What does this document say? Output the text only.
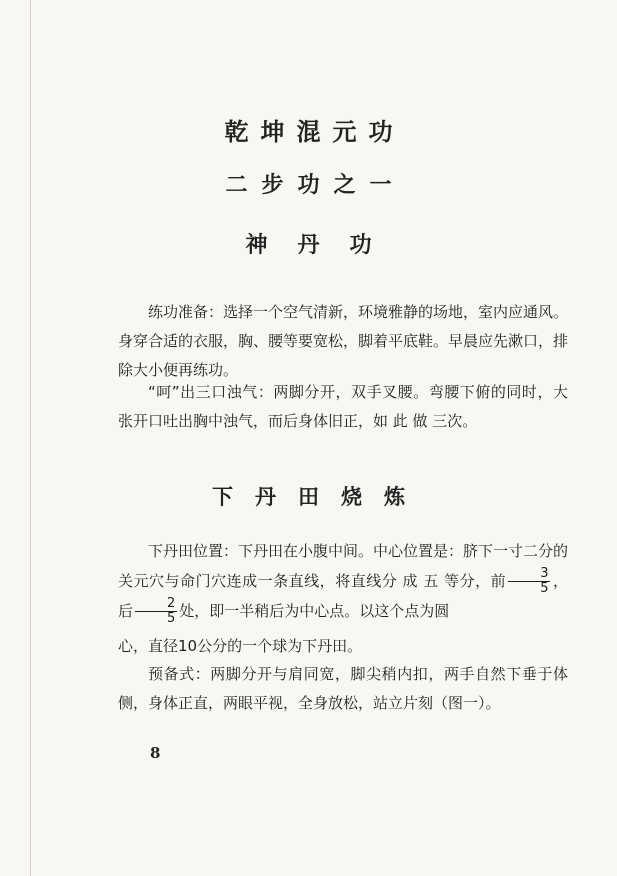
乾坤混元功
二步功之一
神丹功
练功准备：选择一个空气清新，环境雅静的场地，室内应通风。身穿合适的衣服，胸、腰等要宽松，脚着平底鞋。早晨应先漱口，排除大小便再练功。
“呵”出三口浊气：两脚分开，双手叉腰。弯腰下俯的同时，大张开口吐出胸中浊气，而后身体旧正，如 此 做 三次。
下丹田烧炼
下丹田位置：下丹田在小腹中间。中心位置是：脐下一寸二分的关元穴与命门穴连成一条直线，将直线分 成 五 等分，前 $\frac{3}{5}$ ，后 $\frac{2}{5}$ 处，即一半稍后为中心点。以这个点为圆
心，直径10公分的一个球为下丹田。
预备式：两脚分开与肩同宽，脚尖稍内扣，两手自然下垂于体侧，身体正直，两眼平视，全身放松，站立片刻（图一）。
8
